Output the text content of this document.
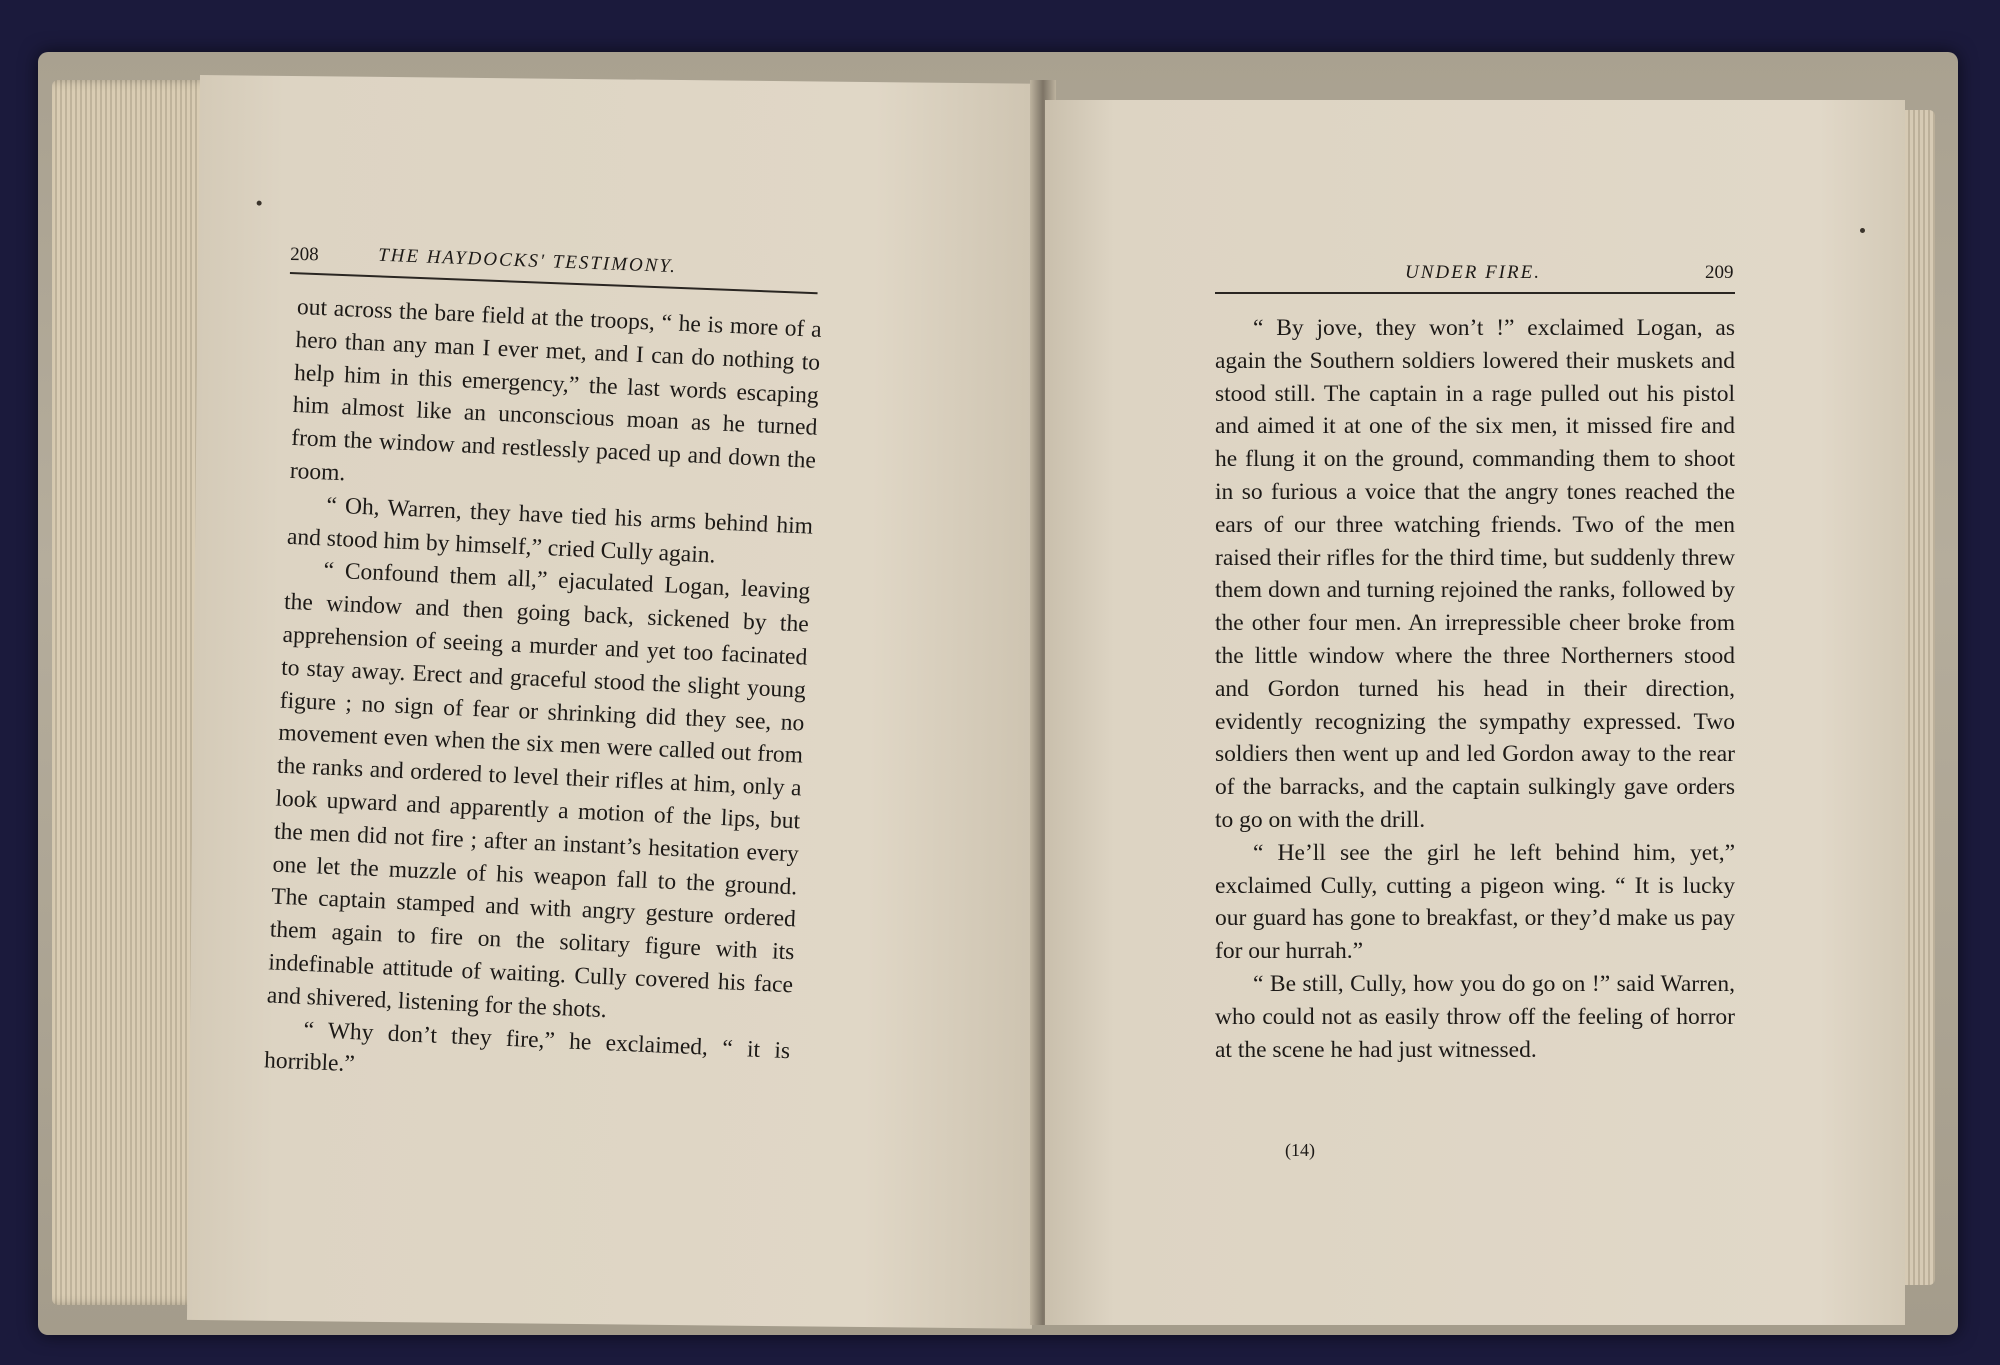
208	THE HAYDOCKS' TESTIMONY.

out across the bare field at the troops, “ he is more of a hero than any man I ever met, and I can do nothing to help him in this emergency,” the last words escaping him almost like an unconscious moan as he turned from the window and restlessly paced up and down the room.

“ Oh, Warren, they have tied his arms behind him and stood him by himself,” cried Cully again.

“ Confound them all,” ejaculated Logan, leaving the window and then going back, sickened by the apprehension of seeing a murder and yet too facinated to stay away. Erect and graceful stood the slight young figure ; no sign of fear or shrinking did they see, no movement even when the six men were called out from the ranks and ordered to level their rifles at him, only a look upward and apparently a motion of the lips, but the men did not fire ; after an instant’s hesitation every one let the muzzle of his weapon fall to the ground. The captain stamped and with angry gesture ordered them again to fire on the solitary figure with its indefinable attitude of waiting. Cully covered his face and shivered, listening for the shots.

“ Why don’t they fire,” he exclaimed, “ it is horrible.”

UNDER FIRE.	209

“ By jove, they won’t !” exclaimed Logan, as again the Southern soldiers lowered their muskets and stood still. The captain in a rage pulled out his pistol and aimed it at one of the six men, it missed fire and he flung it on the ground, commanding them to shoot in so furious a voice that the angry tones reached the ears of our three watching friends. Two of the men raised their rifles for the third time, but suddenly threw them down and turning rejoined the ranks, followed by the other four men. An irrepressible cheer broke from the little window where the three Northerners stood and Gordon turned his head in their direction, evidently recognizing the sympathy expressed. Two soldiers then went up and led Gordon away to the rear of the barracks, and the captain sulkingly gave orders to go on with the drill.

“ He’ll see the girl he left behind him, yet,” exclaimed Cully, cutting a pigeon wing. “ It is lucky our guard has gone to breakfast, or they’d make us pay for our hurrah.”

“ Be still, Cully, how you do go on !” said Warren, who could not as easily throw off the feeling of horror at the scene he had just witnessed.

(14)
